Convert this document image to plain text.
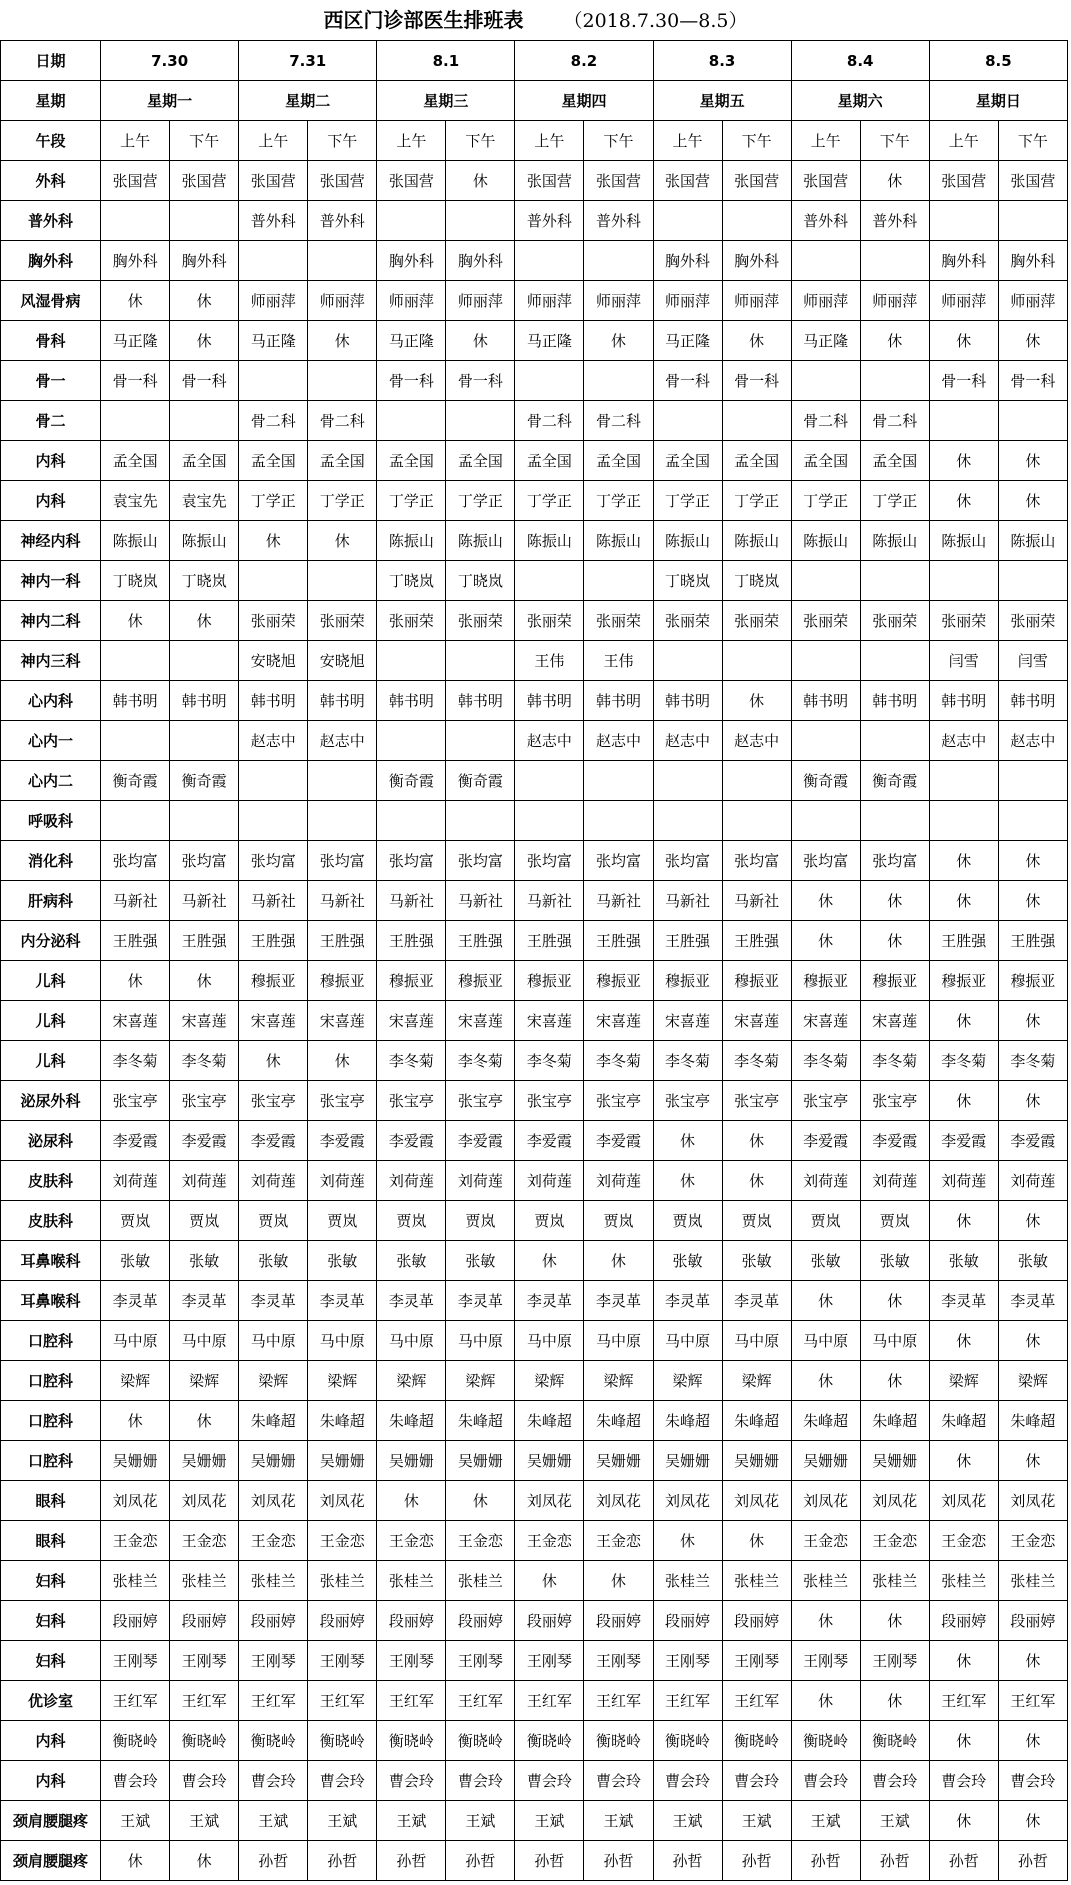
西区门诊部医生排班表 （2018.7.30—8.5）
日期	7.30		7.31		8.1		8.2		8.3		8.4		8.5	
星期	星期一		星期二		星期三		星期四		星期五		星期六		星期日	
午段	上午	下午	上午	下午	上午	下午	上午	下午	上午	下午	上午	下午	上午	下午
外科	张国营	张国营	张国营	张国营	张国营	休	张国营	张国营	张国营	张国营	张国营	休	张国营	张国营
普外科			普外科	普外科			普外科	普外科			普外科	普外科		
胸外科	胸外科	胸外科			胸外科	胸外科			胸外科	胸外科			胸外科	胸外科
风湿骨病	休	休	师丽萍	师丽萍	师丽萍	师丽萍	师丽萍	师丽萍	师丽萍	师丽萍	师丽萍	师丽萍	师丽萍	师丽萍
骨科	马正隆	休	马正隆	休	马正隆	休	马正隆	休	马正隆	休	马正隆	休	休	休
骨一	骨一科	骨一科			骨一科	骨一科			骨一科	骨一科			骨一科	骨一科
骨二			骨二科	骨二科			骨二科	骨二科			骨二科	骨二科		
内科	孟全国	孟全国	孟全国	孟全国	孟全国	孟全国	孟全国	孟全国	孟全国	孟全国	孟全国	孟全国	休	休
内科	袁宝先	袁宝先	丁学正	丁学正	丁学正	丁学正	丁学正	丁学正	丁学正	丁学正	丁学正	丁学正	休	休
神经内科	陈振山	陈振山	休	休	陈振山	陈振山	陈振山	陈振山	陈振山	陈振山	陈振山	陈振山	陈振山	陈振山
神内一科	丁晓岚	丁晓岚			丁晓岚	丁晓岚			丁晓岚	丁晓岚				
神内二科	休	休	张丽荣	张丽荣	张丽荣	张丽荣	张丽荣	张丽荣	张丽荣	张丽荣	张丽荣	张丽荣	张丽荣	张丽荣
神内三科			安晓旭	安晓旭			王伟	王伟					闫雪	闫雪
心内科	韩书明	韩书明	韩书明	韩书明	韩书明	韩书明	韩书明	韩书明	韩书明	休	韩书明	韩书明	韩书明	韩书明
心内一			赵志中	赵志中			赵志中	赵志中	赵志中	赵志中			赵志中	赵志中
心内二	衡奇霞	衡奇霞			衡奇霞	衡奇霞					衡奇霞	衡奇霞		
呼吸科														
消化科	张均富	张均富	张均富	张均富	张均富	张均富	张均富	张均富	张均富	张均富	张均富	张均富	休	休
肝病科	马新社	马新社	马新社	马新社	马新社	马新社	马新社	马新社	马新社	马新社	休	休	休	休
内分泌科	王胜强	王胜强	王胜强	王胜强	王胜强	王胜强	王胜强	王胜强	王胜强	王胜强	休	休	王胜强	王胜强
儿科	休	休	穆振亚	穆振亚	穆振亚	穆振亚	穆振亚	穆振亚	穆振亚	穆振亚	穆振亚	穆振亚	穆振亚	穆振亚
儿科	宋喜莲	宋喜莲	宋喜莲	宋喜莲	宋喜莲	宋喜莲	宋喜莲	宋喜莲	宋喜莲	宋喜莲	宋喜莲	宋喜莲	休	休
儿科	李冬菊	李冬菊	休	休	李冬菊	李冬菊	李冬菊	李冬菊	李冬菊	李冬菊	李冬菊	李冬菊	李冬菊	李冬菊
泌尿外科	张宝亭	张宝亭	张宝亭	张宝亭	张宝亭	张宝亭	张宝亭	张宝亭	张宝亭	张宝亭	张宝亭	张宝亭	休	休
泌尿科	李爱霞	李爱霞	李爱霞	李爱霞	李爱霞	李爱霞	李爱霞	李爱霞	休	休	李爱霞	李爱霞	李爱霞	李爱霞
皮肤科	刘荷莲	刘荷莲	刘荷莲	刘荷莲	刘荷莲	刘荷莲	刘荷莲	刘荷莲	休	休	刘荷莲	刘荷莲	刘荷莲	刘荷莲
皮肤科	贾岚	贾岚	贾岚	贾岚	贾岚	贾岚	贾岚	贾岚	贾岚	贾岚	贾岚	贾岚	休	休
耳鼻喉科	张敏	张敏	张敏	张敏	张敏	张敏	休	休	张敏	张敏	张敏	张敏	张敏	张敏
耳鼻喉科	李灵革	李灵革	李灵革	李灵革	李灵革	李灵革	李灵革	李灵革	李灵革	李灵革	休	休	李灵革	李灵革
口腔科	马中原	马中原	马中原	马中原	马中原	马中原	马中原	马中原	马中原	马中原	马中原	马中原	休	休
口腔科	梁辉	梁辉	梁辉	梁辉	梁辉	梁辉	梁辉	梁辉	梁辉	梁辉	休	休	梁辉	梁辉
口腔科	休	休	朱峰超	朱峰超	朱峰超	朱峰超	朱峰超	朱峰超	朱峰超	朱峰超	朱峰超	朱峰超	朱峰超	朱峰超
口腔科	吴姗姗	吴姗姗	吴姗姗	吴姗姗	吴姗姗	吴姗姗	吴姗姗	吴姗姗	吴姗姗	吴姗姗	吴姗姗	吴姗姗	休	休
眼科	刘凤花	刘凤花	刘凤花	刘凤花	休	休	刘凤花	刘凤花	刘凤花	刘凤花	刘凤花	刘凤花	刘凤花	刘凤花
眼科	王金恋	王金恋	王金恋	王金恋	王金恋	王金恋	王金恋	王金恋	休	休	王金恋	王金恋	王金恋	王金恋
妇科	张桂兰	张桂兰	张桂兰	张桂兰	张桂兰	张桂兰	休	休	张桂兰	张桂兰	张桂兰	张桂兰	张桂兰	张桂兰
妇科	段丽婷	段丽婷	段丽婷	段丽婷	段丽婷	段丽婷	段丽婷	段丽婷	段丽婷	段丽婷	休	休	段丽婷	段丽婷
妇科	王刚琴	王刚琴	王刚琴	王刚琴	王刚琴	王刚琴	王刚琴	王刚琴	王刚琴	王刚琴	王刚琴	王刚琴	休	休
优诊室	王红军	王红军	王红军	王红军	王红军	王红军	王红军	王红军	王红军	王红军	休	休	王红军	王红军
内科	衡晓岭	衡晓岭	衡晓岭	衡晓岭	衡晓岭	衡晓岭	衡晓岭	衡晓岭	衡晓岭	衡晓岭	衡晓岭	衡晓岭	休	休
内科	曹会玲	曹会玲	曹会玲	曹会玲	曹会玲	曹会玲	曹会玲	曹会玲	曹会玲	曹会玲	曹会玲	曹会玲	曹会玲	曹会玲
颈肩腰腿疼	王斌	王斌	王斌	王斌	王斌	王斌	王斌	王斌	王斌	王斌	王斌	王斌	休	休
颈肩腰腿疼	休	休	孙哲	孙哲	孙哲	孙哲	孙哲	孙哲	孙哲	孙哲	孙哲	孙哲	孙哲	孙哲
